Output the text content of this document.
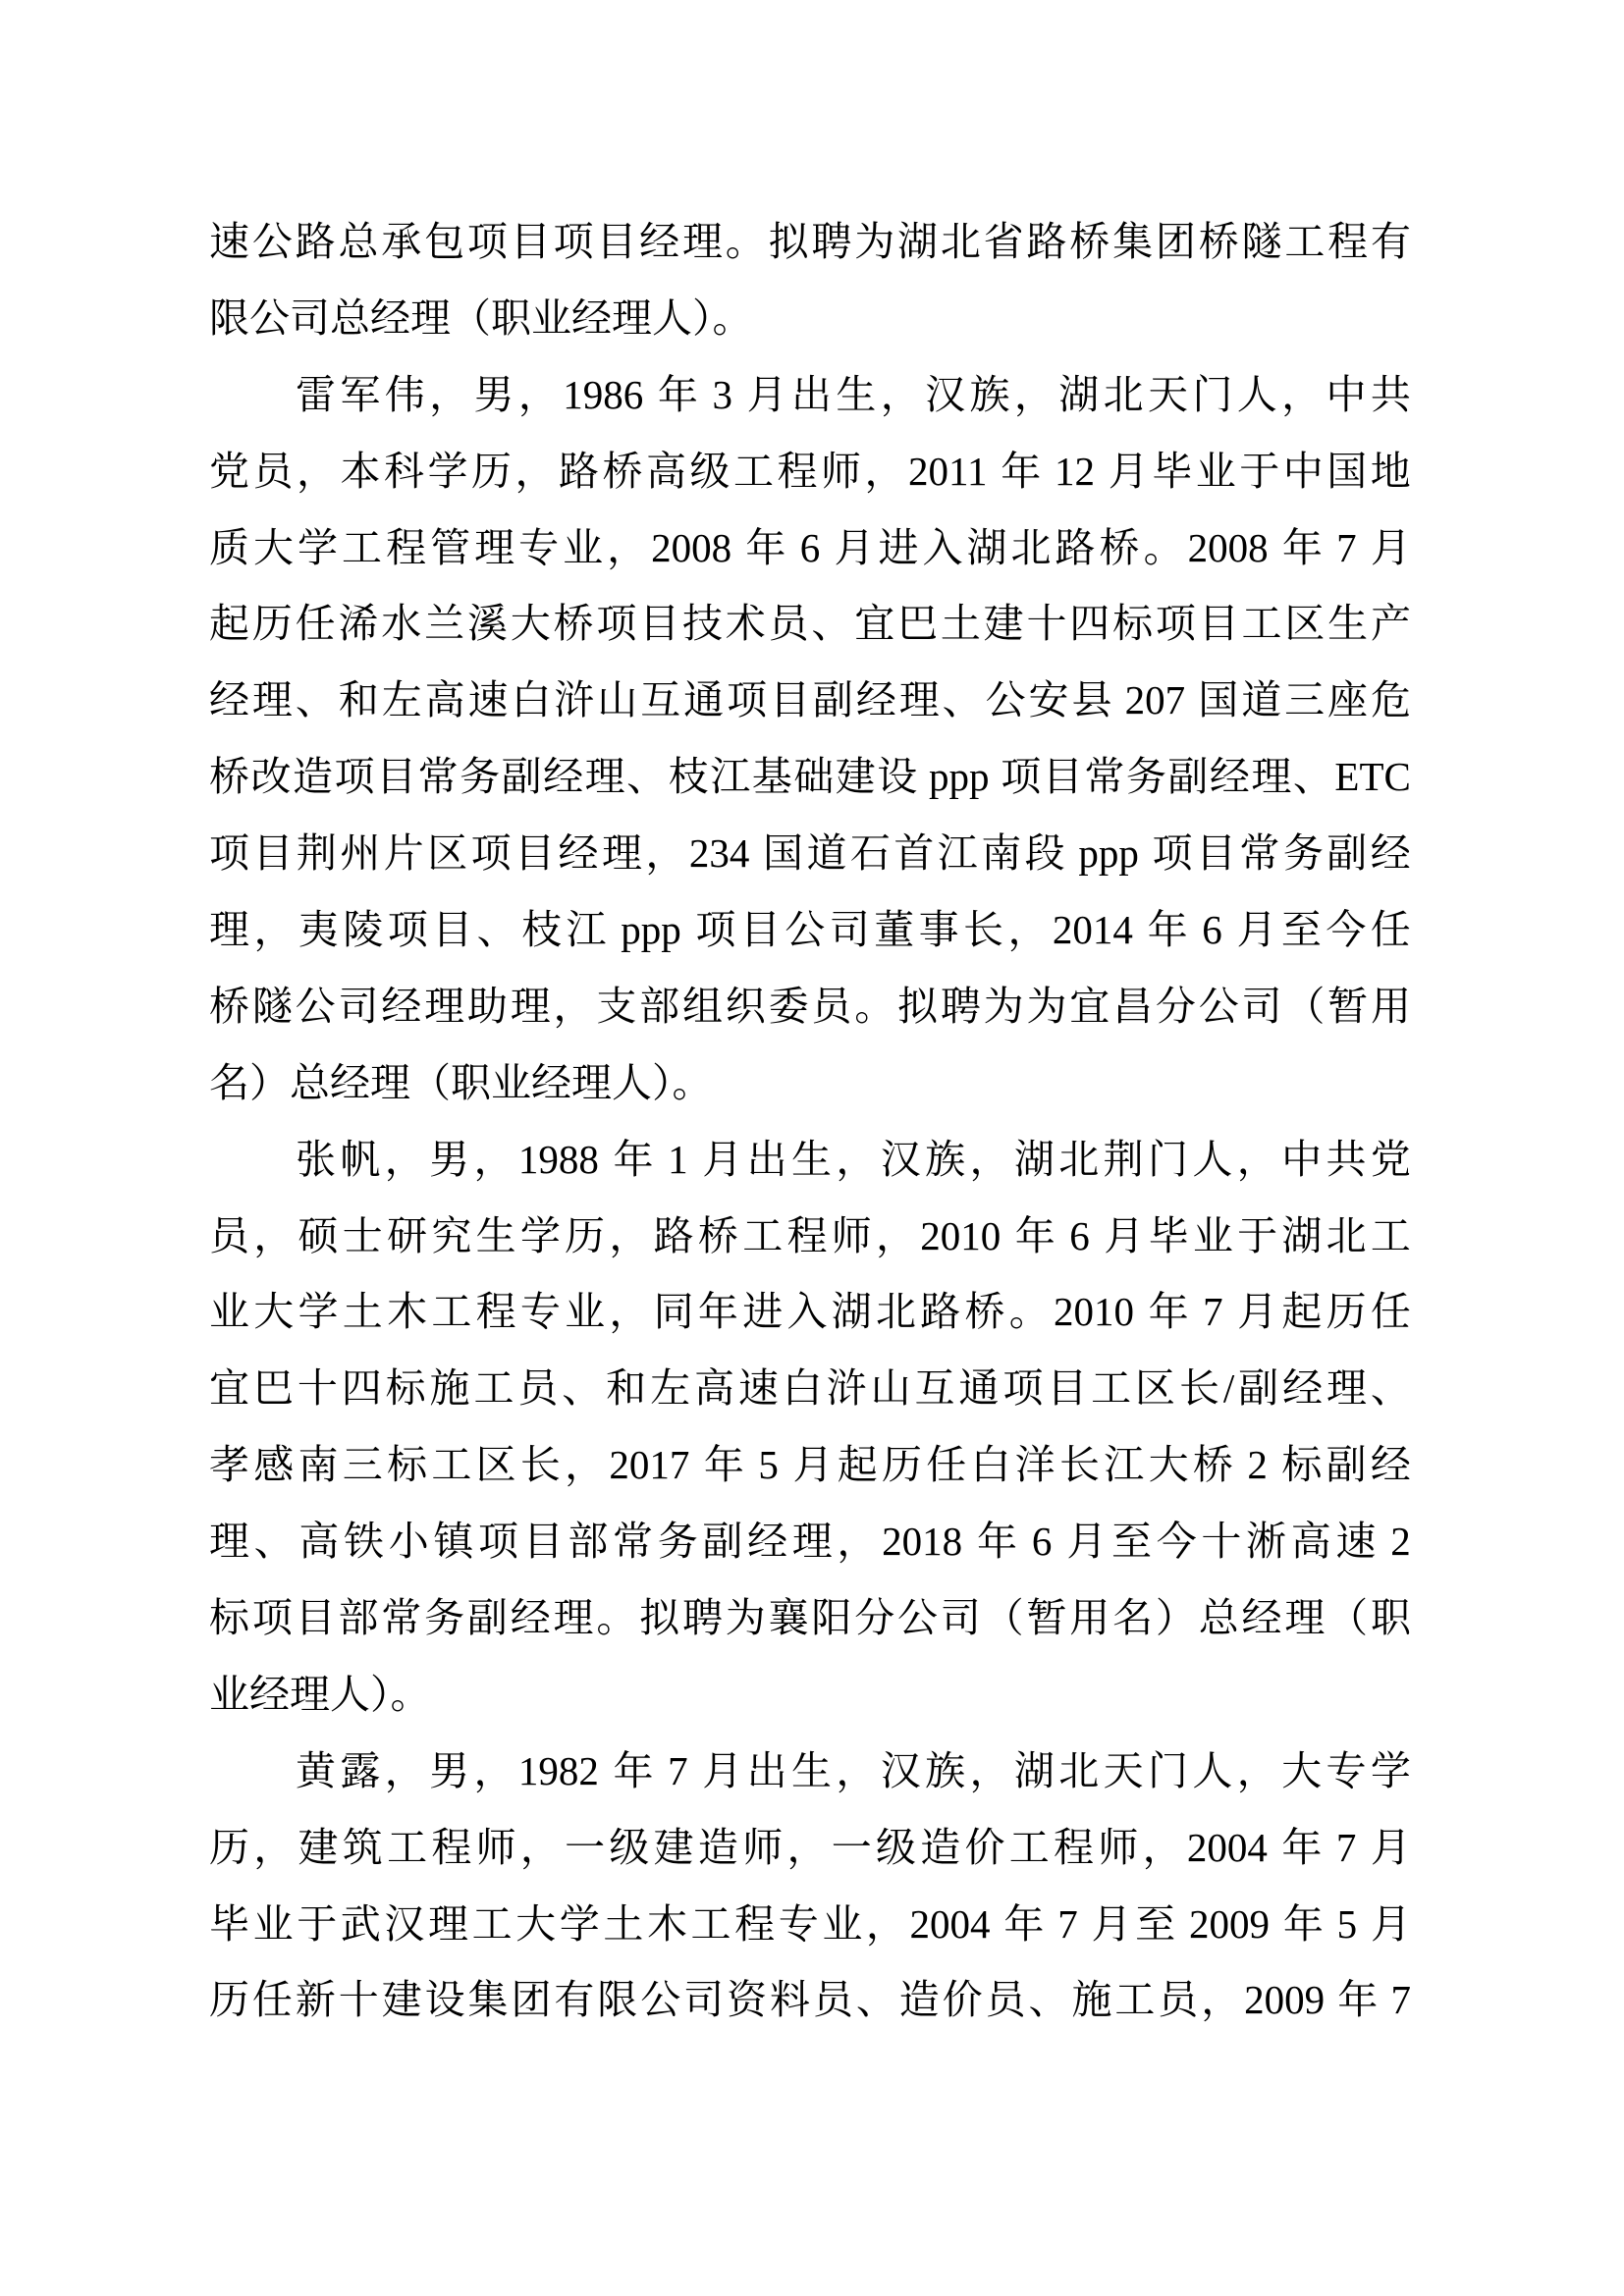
速 公 路 总 承 包 项 目 项 目 经 理 。 拟 聘 为 湖 北 省 路 桥 集 团 桥 隧 工 程 有
限公司总经理（职业经理人）。
雷 军 伟 ， 男 ， 1986 年 3 月 出 生 ， 汉 族 ， 湖 北 天 门 人 ， 中 共
党 员 ， 本 科 学 历 ， 路 桥 高 级 工 程 师 ， 2011 年 12 月 毕 业 于 中 国 地
质 大 学 工 程 管 理 专 业 ， 2008 年 6 月 进 入 湖 北 路 桥 。 2008 年 7 月
起 历 任 浠 水 兰 溪 大 桥 项 目 技 术 员 、 宜 巴 土 建 十 四 标 项 目 工 区 生 产
经 理 、 和 左 高 速 白 浒 山 互 通 项 目 副 经 理 、 公 安 县 207 国 道 三 座 危
桥 改 造 项 目 常 务 副 经 理 、 枝 江 基 础 建 设 ppp 项 目 常 务 副 经 理 、 ETC
项 目 荆 州 片 区 项 目 经 理 ， 234 国 道 石 首 江 南 段 ppp 项 目 常 务 副 经
理 ， 夷 陵 项 目 、 枝 江 ppp 项 目 公 司 董 事 长 ， 2014 年 6 月 至 今 任
桥 隧 公 司 经 理 助 理 ， 支 部 组 织 委 员 。 拟 聘 为 为 宜 昌 分 公 司 （ 暂 用
名）总经理（职业经理人）。
张 帆 ， 男 ， 1988 年 1 月 出 生 ， 汉 族 ， 湖 北 荆 门 人 ， 中 共 党
员 ， 硕 士 研 究 生 学 历 ， 路 桥 工 程 师 ， 2010 年 6 月 毕 业 于 湖 北 工
业 大 学 土 木 工 程 专 业 ， 同 年 进 入 湖 北 路 桥 。 2010 年 7 月 起 历 任
宜 巴 十 四 标 施 工 员 、 和 左 高 速 白 浒 山 互 通 项 目 工 区 长 / 副 经 理 、
孝 感 南 三 标 工 区 长 ， 2017 年 5 月 起 历 任 白 洋 长 江 大 桥 2 标 副 经
理 、 高 铁 小 镇 项 目 部 常 务 副 经 理 ， 2018 年 6 月 至 今 十 淅 高 速 2
标 项 目 部 常 务 副 经 理 。 拟 聘 为 襄 阳 分 公 司 （ 暂 用 名 ） 总 经 理 （ 职
业经理人）。
黄 露 ， 男 ， 1982 年 7 月 出 生 ， 汉 族 ， 湖 北 天 门 人 ， 大 专 学
历 ， 建 筑 工 程 师 ， 一 级 建 造 师 ， 一 级 造 价 工 程 师 ， 2004 年 7 月
毕 业 于 武 汉 理 工 大 学 土 木 工 程 专 业 ， 2004 年 7 月 至 2009 年 5 月
历 任 新 十 建 设 集 团 有 限 公 司 资 料 员 、 造 价 员 、 施 工 员 ， 2009 年 7
